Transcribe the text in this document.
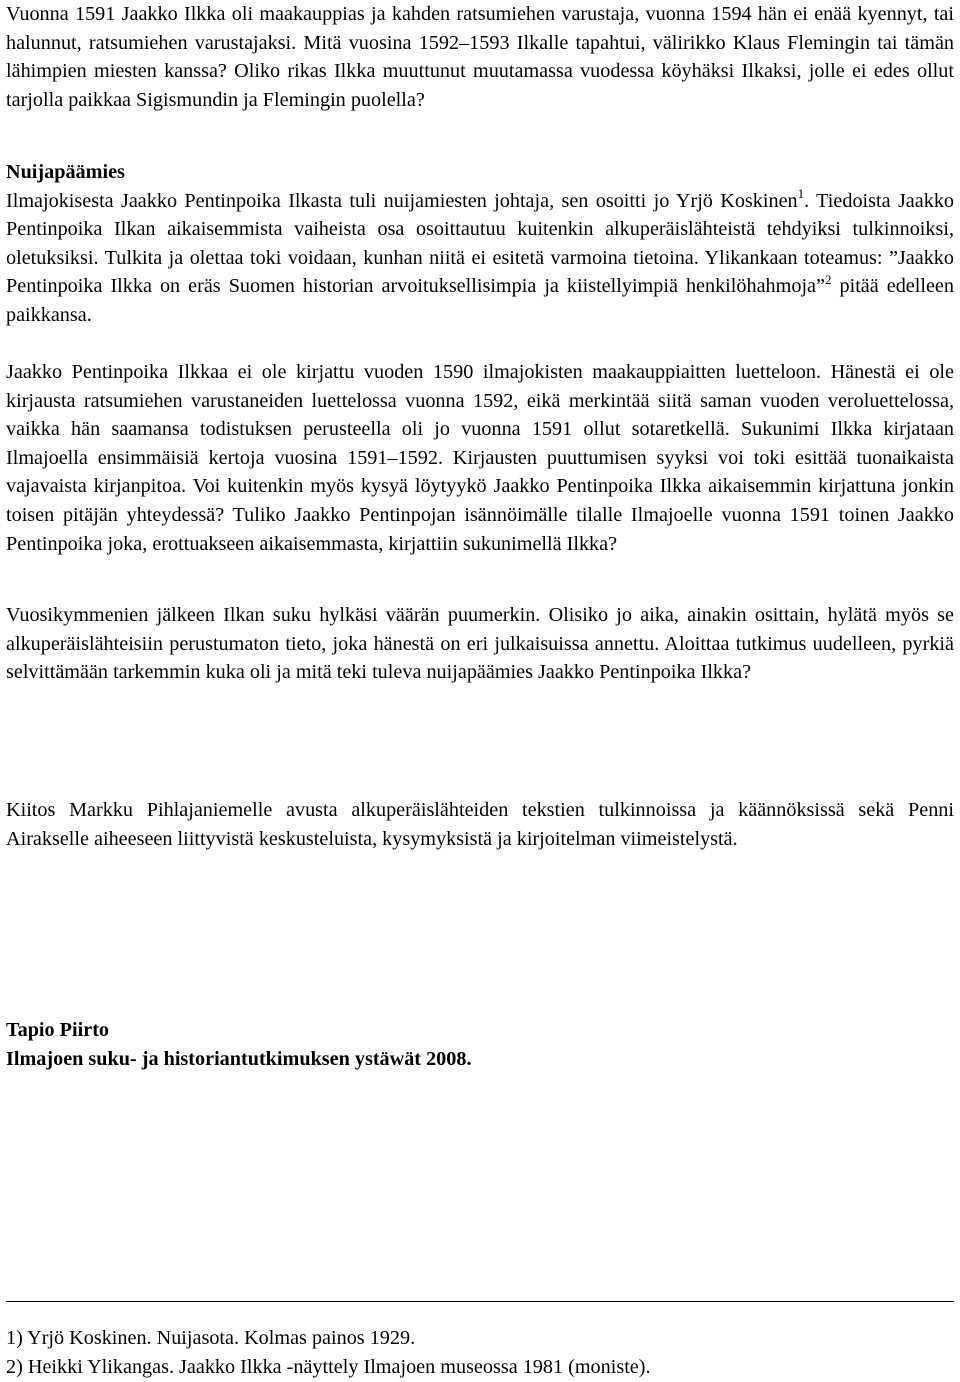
Vuonna 1591 Jaakko Ilkka oli maakauppias ja kahden ratsumiehen varustaja, vuonna 1594 hän ei enää kyennyt, tai halunnut, ratsumiehen varustajaksi. Mitä vuosina 1592–1593 Ilkalle tapahtui, välirikko Klaus Flemingin tai tämän lähimpien miesten kanssa? Oliko rikas Ilkka muuttunut muutamassa vuodessa köyhäksi Ilkaksi, jolle ei edes ollut tarjolla paikkaa Sigismundin ja Flemingin puolella?

Nuijapäämies

Ilmajokisesta Jaakko Pentinpoika Ilkasta tuli nuijamiesten johtaja, sen osoitti jo Yrjö Koskinen$^1$. Tiedoista Jaakko Pentinpoika Ilkan aikaisemmista vaiheista osa osoittautuu kuitenkin alkuperäislähteistä tehdyiksi tulkinnoiksi, oletuksiksi. Tulkita ja olettaa toki voidaan, kunhan niitä ei esitetä varmoina tietoina. Ylikankaan toteamus: ”Jaakko Pentinpoika Ilkka on eräs Suomen historian arvoituksellisimpia ja kiistellyimpiä henkilöhahmoja”$^2$ pitää edelleen paikkansa.

Jaakko Pentinpoika Ilkkaa ei ole kirjattu vuoden 1590 ilmajokisten maakauppiaitten luetteloon. Hänestä ei ole kirjausta ratsumiehen varustaneiden luettelossa vuonna 1592, eikä merkintää siitä saman vuoden veroluettelossa, vaikka hän saamansa todistuksen perusteella oli jo vuonna 1591 ollut sotaretkellä. Sukunimi Ilkka kirjataan Ilmajoella ensimmäisiä kertoja vuosina 1591–1592. Kirjausten puuttumisen syyksi voi toki esittää tuonaikaista vajavaista kirjanpitoa. Voi kuitenkin myös kysyä löytyykö Jaakko Pentinpoika Ilkka aikaisemmin kirjattuna jonkin toisen pitäjän yhteydessä? Tuliko Jaakko Pentinpojan isännöimälle tilalle Ilmajoelle vuonna 1591 toinen Jaakko Pentinpoika joka, erottuakseen aikaisemmasta, kirjattiin sukunimellä Ilkka?

Vuosikymmenien jälkeen Ilkan suku hylkäsi väärän puumerkin. Olisiko jo aika, ainakin osittain, hylätä myös se alkuperäislähteisiin perustumaton tieto, joka hänestä on eri julkaisuissa annettu. Aloittaa tutkimus uudelleen, pyrkiä selvittämään tarkemmin kuka oli ja mitä teki tuleva nuijapäämies Jaakko Pentinpoika Ilkka?

Kiitos Markku Pihlajaniemelle avusta alkuperäislähteiden tekstien tulkinnoissa ja käännöksissä sekä Penni Airakselle aiheeseen liittyvistä keskusteluista, kysymyksistä ja kirjoitelman viimeistelystä.

Tapio Piirto
Ilmajoen suku- ja historiantutkimuksen ystäwät 2008.

1) Yrjö Koskinen. Nuijasota. Kolmas painos 1929.

2) Heikki Ylikangas. Jaakko Ilkka -näyttely Ilmajoen museossa 1981 (moniste).
